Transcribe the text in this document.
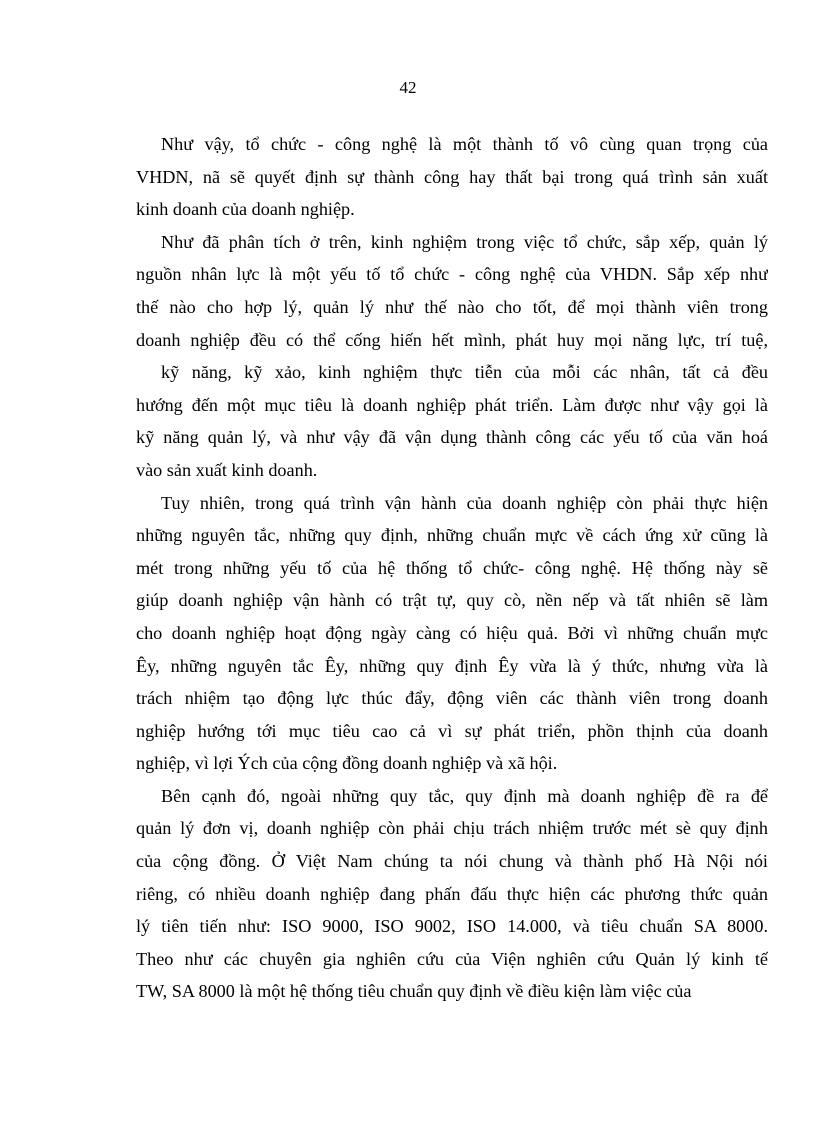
42
Như vậy, tổ chức - công nghệ là một thành tố vô cùng quan trọng của
VHDN, nã sẽ quyết định sự thành công hay thất bại trong quá trình sản xuất
kinh doanh của doanh nghiệp.
Như đã phân tích ở trên, kinh nghiệm trong việc tổ chức, sắp xếp, quản lý
nguồn nhân lực là một yếu tố tổ chức - công nghệ của VHDN. Sắp xếp như
thế nào cho hợp lý, quản lý như thế nào cho tốt, để mọi thành viên trong
doanh nghiệp đều có thể cống hiến hết mình, phát huy mọi năng lực, trí tuệ,
kỹ năng, kỹ xảo, kinh nghiệm thực tiễn của mỗi các nhân, tất cả đều
hướng đến một mục tiêu là doanh nghiệp phát triển. Làm được như vậy gọi là
kỹ năng quản lý, và như vậy đã vận dụng thành công các yếu tố của văn hoá
vào sản xuất kinh doanh.
Tuy nhiên, trong quá trình vận hành của doanh nghiệp còn phải thực hiện
những nguyên tắc, những quy định, những chuẩn mực về cách ứng xử cũng là
mét trong những yếu tố của hệ thống tổ chức- công nghệ. Hệ thống này sẽ
giúp doanh nghiệp vận hành có trật tự, quy cò, nền nếp và tất nhiên sẽ làm
cho doanh nghiệp hoạt động ngày càng có hiệu quả. Bởi vì những chuẩn mực
Êy, những nguyên tắc Êy, những quy định Êy vừa là ý thức, nhưng vừa là
trách nhiệm tạo động lực thúc đẩy, động viên các thành viên trong doanh
nghiệp hướng tới mục tiêu cao cả vì sự phát triển, phồn thịnh của doanh
nghiệp, vì lợi Ých của cộng đồng doanh nghiệp và xã hội.
Bên cạnh đó, ngoài những quy tắc, quy định mà doanh nghiệp đề ra để
quản lý đơn vị, doanh nghiệp còn phải chịu trách nhiệm trước mét sè quy định
của cộng đồng. Ở Việt Nam chúng ta nói chung và thành phố Hà Nội nói
riêng, có nhiều doanh nghiệp đang phấn đấu thực hiện các phương thức quản
lý tiên tiến như: ISO 9000, ISO 9002, ISO 14.000, và tiêu chuẩn SA 8000.
Theo như các chuyên gia nghiên cứu của Viện nghiên cứu Quản lý kinh tế
TW, SA 8000 là một hệ thống tiêu chuẩn quy định về điều kiện làm việc của
